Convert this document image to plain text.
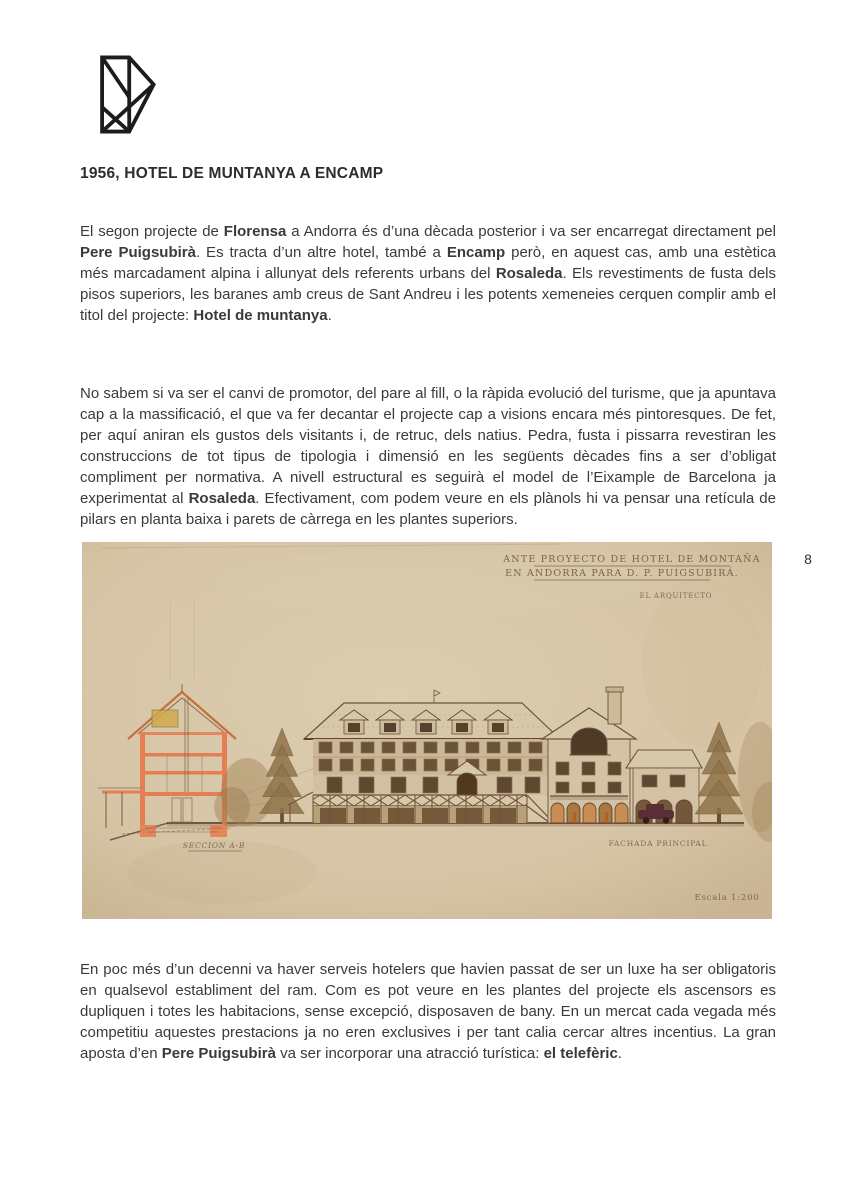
1956, HOTEL DE MUNTANYA A ENCAMP

El segon projecte de Florensa a Andorra és d’una dècada posterior i va ser encarregat directament pel Pere Puigsubirà. Es tracta d’un altre hotel, també a Encamp però, en aquest cas, amb una estètica més marcadament alpina i allunyat dels referents urbans del Rosaleda. Els revestiments de fusta dels pisos superiors, les baranes amb creus de Sant Andreu i les potents xemeneies cerquen complir amb el titol del projecte: Hotel de muntanya.

No sabem si va ser el canvi de promotor, del pare al fill, o la ràpida evolució del turisme, que ja apuntava cap a la massificació, el que va fer decantar el projecte cap a visions encara més pintoresques. De fet, per aquí aniran els gustos dels visitants i, de retruc, dels natius. Pedra, fusta i pissarra revestiran les construccions de tot tipus de tipologia i dimensió en les següents dècades fins a ser d’obligat compliment per normativa. A nivell estructural es seguirà el model de l’Eixample de Barcelona ja experimentat al Rosaleda. Efectivament, com podem veure en els plànols hi va pensar una retícula de pilars en planta baixa i parets de càrrega en les plantes superiors.

En poc més d’un decenni va haver serveis hotelers que havien passat de ser un luxe ha ser obligatoris en qualsevol establiment del ram. Com es pot veure en les plantes del projecte els ascensors es dupliquen i totes les habitacions, sense excepció, disposaven de bany. En un mercat cada vegada més competitiu aquestes prestacions ja no eren exclusives i per tant calia cercar altres incentius. La gran aposta d’en Pere Puigsubirà va ser incorporar una atracció turística: el telefèric.

8
ANTE PROYECTO DE HOTEL DE MONTAÑA
EN ANDORRA PARA D. P. PUIGSUBIRÁ.
EL ARQUITECTO
SECCION A-B	FACHADA PRINCIPAL
Escala 1:200
